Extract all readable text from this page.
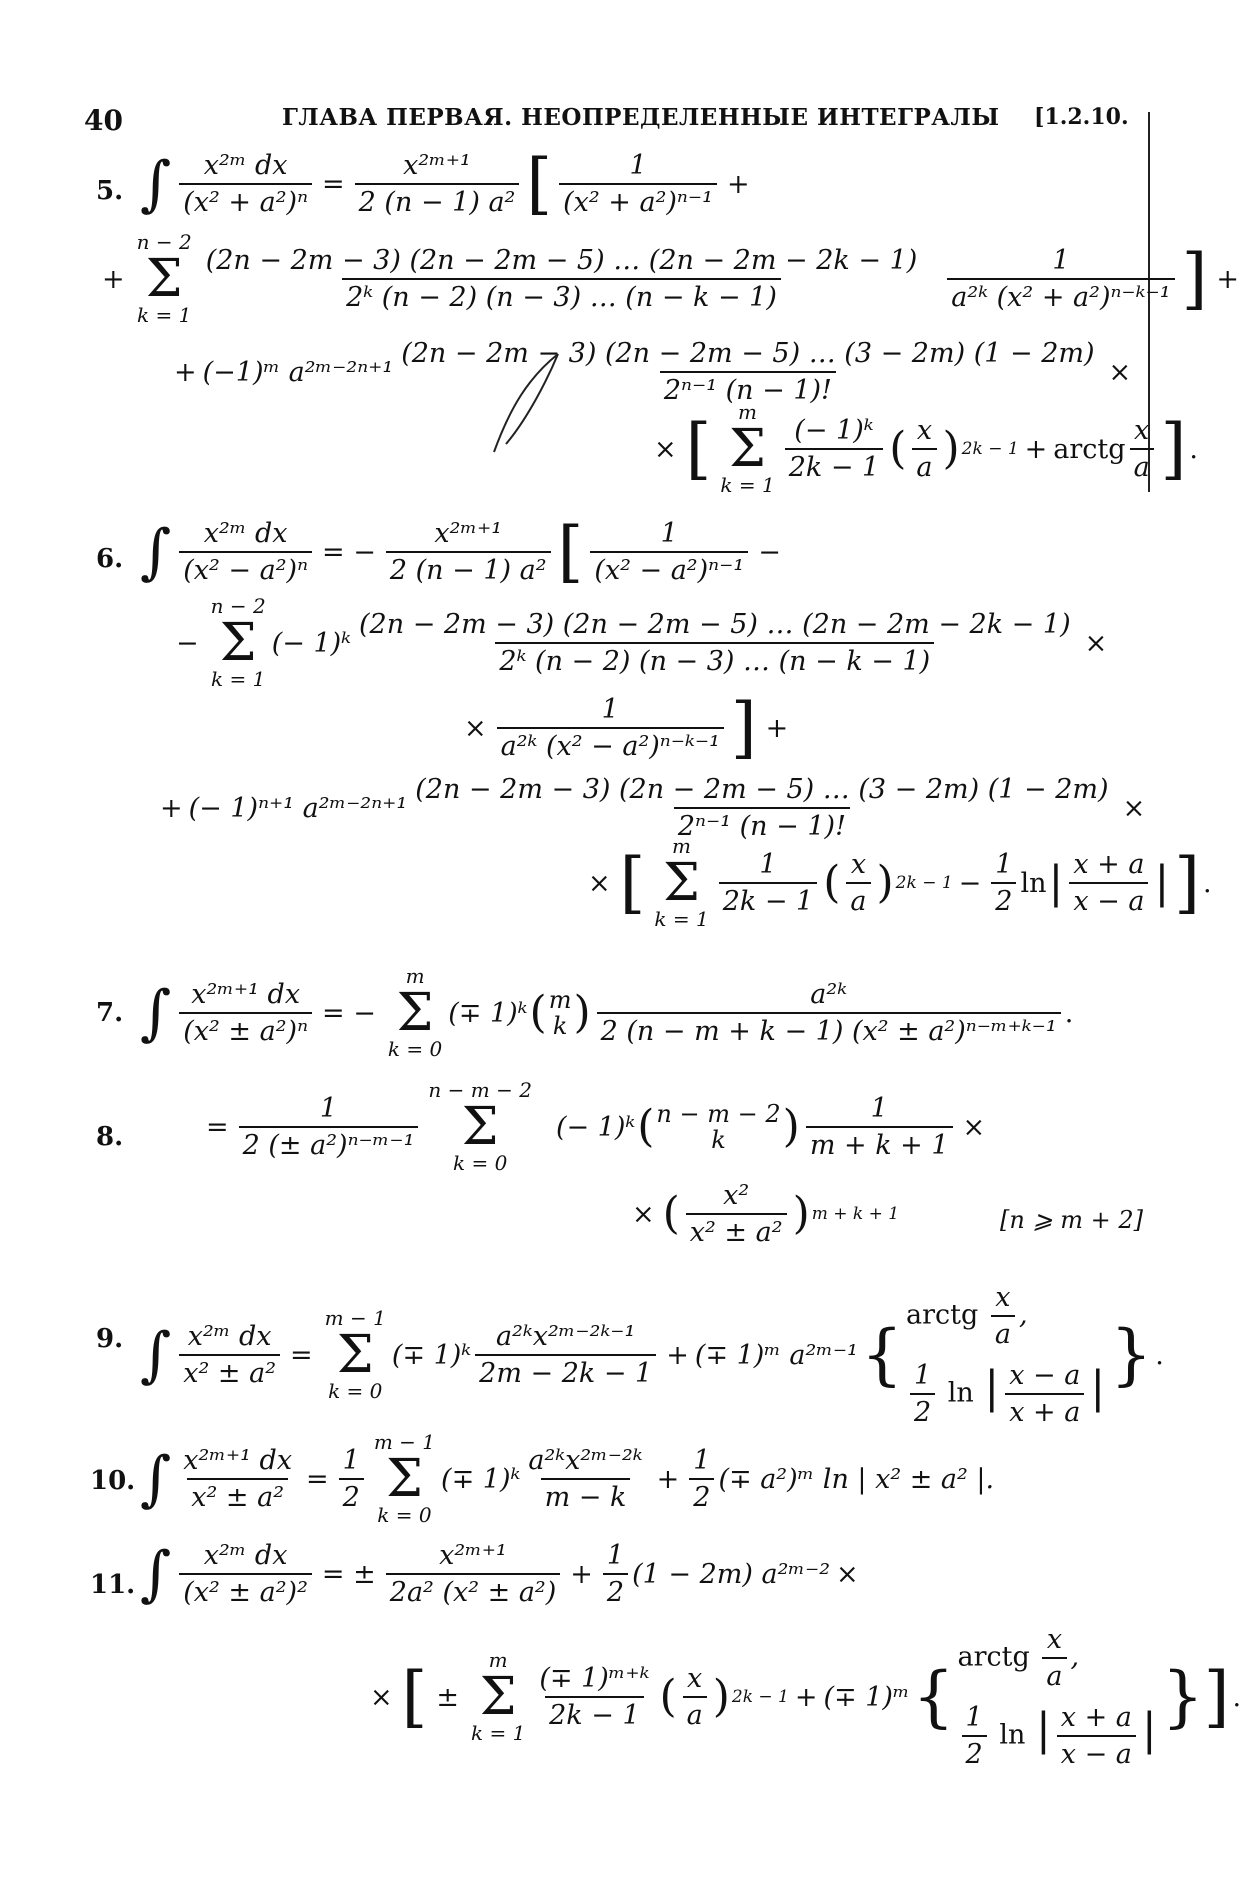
40	ГЛАВА ПЕРВАЯ. НЕОПРЕДЕЛЕННЫЕ ИНТЕГРАЛЫ [1.2.10.
5. ∫ $\frac{\text{x²ᵐ dx}}{\text{(x² + a²)ⁿ}} = \frac{\text{x²ᵐ⁺¹}}{\text{2 (n − 1) a²}}$ [ $\frac{1}{\text{(x² + a²)ⁿ⁻¹}}$ +
+
n − 2
Σ
k = 1
$\frac{(2n - 2m - 3) (2n - 2m - 5) \dots (2n - 2m - 2k - 1)}{\text{2ᵏ (n − 2) (n − 3) … (n − k − 1)}} \frac{1}{\text{a²ᵏ (x² + a²)ⁿ⁻ᵏ⁻¹}}$ ] +
+ (−1)ᵐ a²ᵐ⁻²ⁿ⁺¹ $\frac{(2n - 2m - 3) (2n - 2m - 5) \dots (3 - 2m) (1 - 2m)}{\text{2ⁿ⁻¹ (n − 1)!}}$ ×
× [ m
Σ
k = 1
$\frac{\text{(− 1)ᵏ}}{2k - 1}$ ( $\frac{x}{a}$ ) 2k − 1 + arctg $\frac{x}{a}$ ] .
6. ∫ $\frac{\text{x²ᵐ dx}}{\text{(x² − a²)ⁿ}}$ = − $\frac{\text{x²ᵐ⁺¹}}{\text{2 (n − 1) a²}}$ [ $\frac{1}{\text{(x² − a²)ⁿ⁻¹}}$ −
−
n − 2
Σ
k = 1
(− 1)ᵏ $\frac{(2n - 2m - 3) (2n - 2m - 5) \dots (2n - 2m - 2k - 1)}{\text{2ᵏ (n − 2) (n − 3) … (n − k − 1)}}$ ×
× $\frac{1}{\text{a²ᵏ (x² − a²)ⁿ⁻ᵏ⁻¹}}$ ] +
+ (− 1)ⁿ⁺¹ a²ᵐ⁻²ⁿ⁺¹ $\frac{(2n - 2m - 3) (2n - 2m - 5) \dots (3 - 2m) (1 - 2m)}{\text{2ⁿ⁻¹ (n − 1)!}}$ ×
× [ m
Σ
k = 1
$\frac{1}{2k - 1}$ ( $\frac{x}{a}$ ) $2k - 1 - \frac{1}{2}$ ln | $\frac{x + a}{x - a}$ | ] .
7. ∫ $\frac{\text{x²ᵐ⁺¹ dx}}{\text{(x² ± a²)ⁿ}}$ = −
m
Σ
k = 0
(∓ 1)ᵏ ( m
k ) $\frac{\text{a²ᵏ}}{\text{2 (n − m + k − 1) (x² ± a²)ⁿ⁻ᵐ⁺ᵏ⁻¹}}$ .
8.	= $\frac{1}{\text{2 (± a²)ⁿ⁻ᵐ⁻¹}}$
n − m − 2
Σ
k = 0
(− 1)ᵏ ( n − m − 2
k ) $\frac{1}{m + k + 1}$ ×
× ( $\frac{\text{x²}}{\text{x² ± a²}}$ ) m + k + 1	[n ⩾ m + 2]
9. ∫ $\frac{\text{x²ᵐ dx}}{\text{x² ± a²}}$ =
m − 1
Σ
k = 0
(∓ 1)ᵏ $\frac{\text{a²ᵏx²ᵐ⁻²ᵏ⁻¹}}{2m - 2k - 1}$ + (∓ 1)ᵐ a²ᵐ⁻¹ {
arctg $\frac{x}{a}$ ,
$\frac{1}{2}$ ln | $\frac{x - a}{x + a}$ | } .
10. ∫ $\frac{\text{x²ᵐ⁺¹ dx}}{\text{x² ± a²}} = \frac{1}{2}$
m − 1
Σ
k = 0
(∓ 1)ᵏ $\frac{\text{a²ᵏx²ᵐ⁻²ᵏ}}{m - k} + \frac{1}{2}$ (∓ a²)ᵐ ln | x² ± a² |.
11. ∫ $\frac{\text{x²ᵐ dx}}{\text{(x² ± a²)²}}$ = ± $\frac{\text{x²ᵐ⁺¹}}{\text{2a² (x² ± a²)}} + \frac{1}{2} (1 - 2m)$ a²ᵐ⁻² ×
× [ ±
m
Σ
k = 1
$\frac{\text{(∓ 1)ᵐ⁺ᵏ}}{2k - 1}$ ( $\frac{x}{a}$ ) 2k − 1 + (∓ 1)ᵐ {
arctg $\frac{x}{a}$ ,
$\frac{1}{2}$ ln | $\frac{x + a}{x - a}$ | }] .
